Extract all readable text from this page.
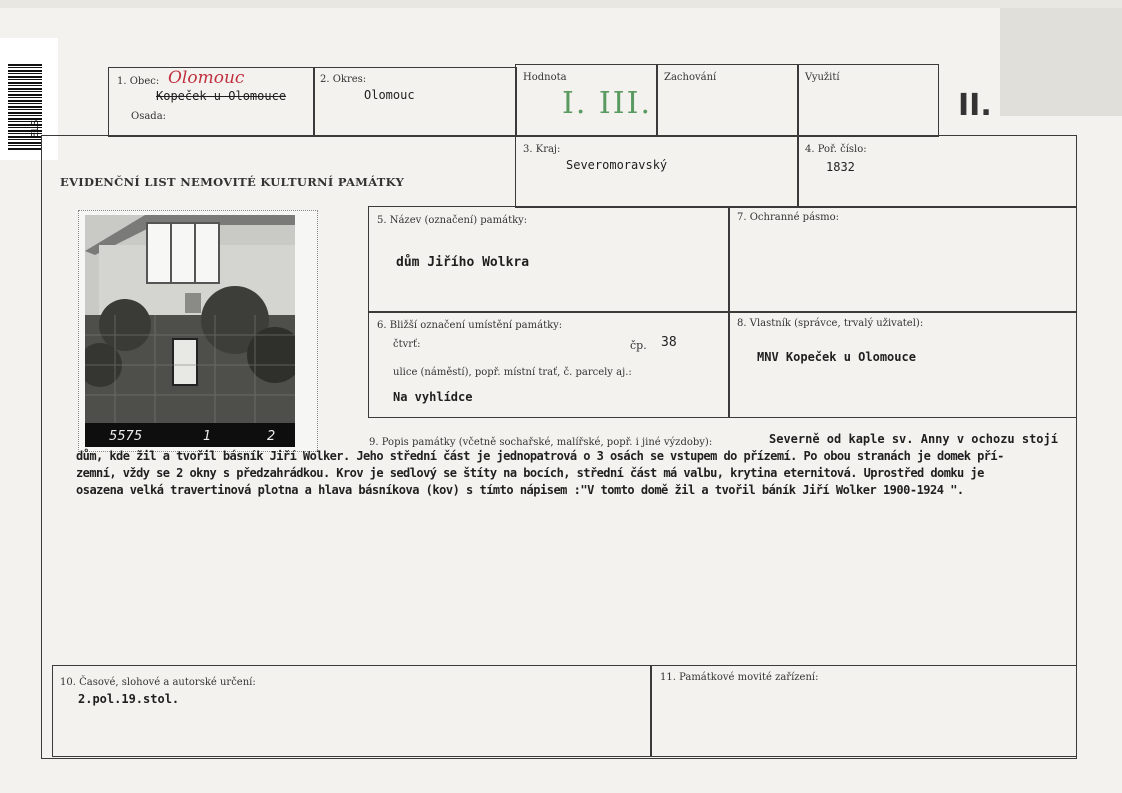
ELS
1. Obec: Olomouc
Kopeček u Olomouce
Osada:
2. Okres:
Olomouc
Hodnota
I. III.
Zachování	Využití
II.
EVIDENČNÍ LIST NEMOVITÉ KULTURNÍ PAMÁTKY
3. Kraj:
Severomoravský
4. Poř. číslo:
1832
5575	1	2
5. Název (označení) památky:
dům Jiřího Wolkra
7. Ochranné pásmo:
6. Bližší označení umístění památky:
čtvrť:	čp. 38
ulice (náměstí), popř. místní trať, č. parcely aj.:
Na vyhlídce
8. Vlastník (správce, trvalý uživatel):
MNV Kopeček u Olomouce
9. Popis památky (včetně sochařské, malířské, popř. i jiné výzdoby):	Severně od kaple sv. Anny v ochozu stojí
dům, kde žil a tvořil básník Jiří Wolker. Jeho střední část je jednopatrová o 3 osách se vstupem do přízemí. Po obou stranách je domek pří-
zemní, vždy se 2 okny s předzahrádkou. Krov je sedlový se štíty na bocích, střední část má valbu, krytina eternitová. Uprostřed domku je
osazena velká travertinová plotna a hlava básníkova (kov) s tímto nápisem :"V tomto domě žil a tvořil báník Jiří Wolker 1900-1924 ".
10. Časové, slohové a autorské určení:
2.pol.19.stol.
11. Památkové movité zařízení:
